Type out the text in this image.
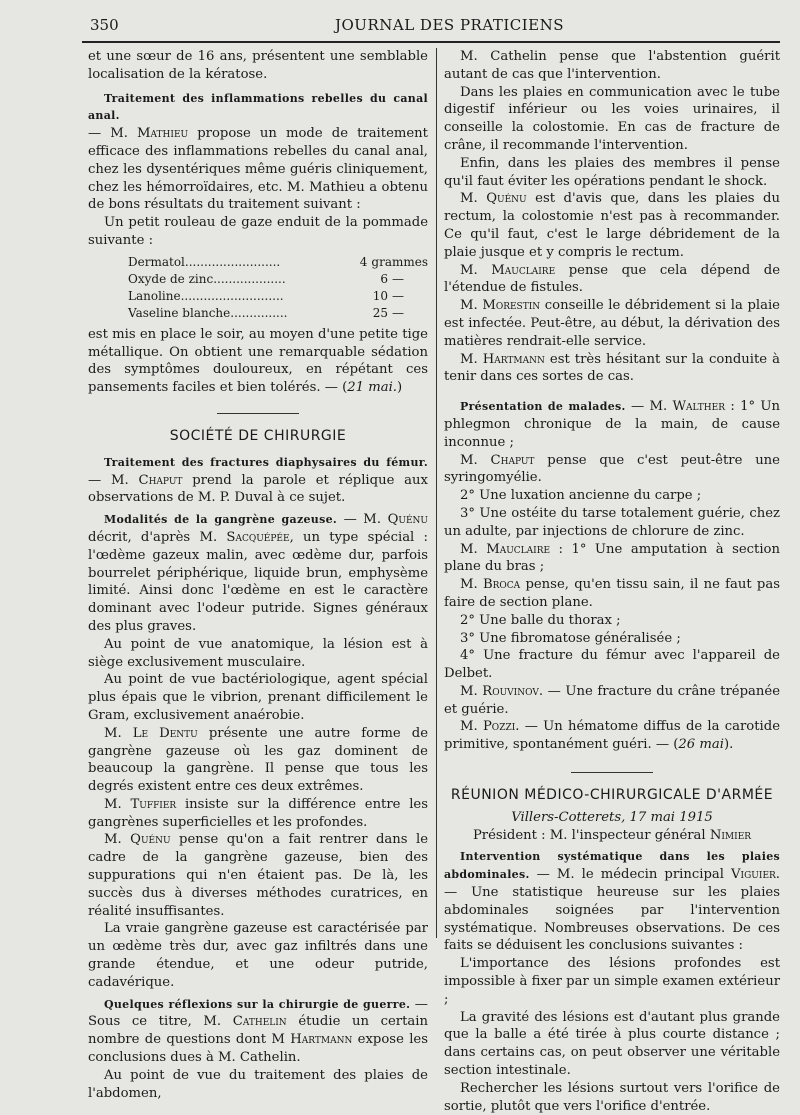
350	JOURNAL DES PRATICIENS

et une sœur de 16 ans, présentent une semblable localisation de la kératose.

Traitement des inflammations rebelles du canal anal.

— M. Mathieu propose un mode de traitement efficace des inflammations rebelles du canal anal, chez les dysentériques même guéris cliniquement, chez les hémorroïdaires, etc. M. Mathieu a obtenu de bons résultats du traitement suivant :

Un petit rouleau de gaze enduit de la pommade suivante :

Dermatol.........................	4 grammes
Oxyde de zinc...................	6 —
Lanoline...........................	10 —
Vaseline blanche...............	25 —

est mis en place le soir, au moyen d'une petite tige métallique. On obtient une remarquable sédation des symptômes douloureux, en répétant ces pansements faciles et bien tolérés. — (21 mai.)

SOCIÉTÉ DE CHIRURGIE

Traitement des fractures diaphysaires du fémur. — M. Chaput prend la parole et réplique aux observations de M. P. Duval à ce sujet.

Modalités de la gangrène gazeuse. — M. Quénu décrit, d'après M. Sacquépée, un type spécial : l'œdème gazeux malin, avec œdème dur, parfois bourrelet périphérique, liquide brun, emphysème limité. Ainsi donc l'œdème en est le caractère dominant avec l'odeur putride. Signes généraux des plus graves.

Au point de vue anatomique, la lésion est à siège exclusivement musculaire.

Au point de vue bactériologique, agent spécial plus épais que le vibrion, prenant difficilement le Gram, exclusivement anaérobie.

M. Le Dentu présente une autre forme de gangrène gazeuse où les gaz dominent de beaucoup la gangrène. Il pense que tous les degrés existent entre ces deux extrêmes.

M. Tuffier insiste sur la différence entre les gangrènes superficielles et les profondes.

M. Quénu pense qu'on a fait rentrer dans le cadre de la gangrène gazeuse, bien des suppurations qui n'en étaient pas. De là, les succès dus à diverses méthodes curatrices, en réalité insuffisantes.

La vraie gangrène gazeuse est caractérisée par un œdème très dur, avec gaz infiltrés dans une grande étendue, et une odeur putride, cadavérique.

Quelques réflexions sur la chirurgie de guerre. — Sous ce titre, M. Cathelin étudie un certain nombre de questions dont M Hartmann expose les conclusions dues à M. Cathelin.

Au point de vue du traitement des plaies de l'abdomen,

M. Cathelin pense que l'abstention guérit autant de cas que l'intervention.

Dans les plaies en communication avec le tube digestif inférieur ou les voies urinaires, il conseille la colostomie. En cas de fracture de crâne, il recommande l'intervention.

Enfin, dans les plaies des membres il pense qu'il faut éviter les opérations pendant le shock.

M. Quénu est d'avis que, dans les plaies du rectum, la colostomie n'est pas à recommander. Ce qu'il faut, c'est le large débridement de la plaie jusque et y compris le rectum.

M. Mauclaire pense que cela dépend de l'étendue de fistules.

M. Morestin conseille le débridement si la plaie est infectée. Peut-être, au début, la dérivation des matières rendrait-elle service.

M. Hartmann est très hésitant sur la conduite à tenir dans ces sortes de cas.

Présentation de malades. — M. Walther : 1° Un phlegmon chronique de la main, de cause inconnue ;

M. Chaput pense que c'est peut-être une syringomyélie.

2° Une luxation ancienne du carpe ;

3° Une ostéite du tarse totalement guérie, chez un adulte, par injections de chlorure de zinc.

M. Mauclaire : 1° Une amputation à section plane du bras ;

M. Broca pense, qu'en tissu sain, il ne faut pas faire de section plane.

2° Une balle du thorax ;

3° Une fibromatose généralisée ;

4° Une fracture du fémur avec l'appareil de Delbet.

M. Rouvinov. — Une fracture du crâne trépanée et guérie.

M. Pozzi. — Un hématome diffus de la carotide primitive, spontanément guéri. — (26 mai).

RÉUNION MÉDICO-CHIRURGICALE D'ARMÉE

Villers-Cotterets, 17 mai 1915

Président : M. l'inspecteur général Nimier

Intervention systématique dans les plaies abdominales. — M. le médecin principal Viguier. — Une statistique heureuse sur les plaies abdominales soignées par l'intervention systématique. Nombreuses observations. De ces faits se déduisent les conclusions suivantes :

L'importance des lésions profondes est impossible à fixer par un simple examen extérieur ;

La gravité des lésions est d'autant plus grande que la balle a été tirée à plus courte distance ; dans certains cas, on peut observer une véritable section intestinale.

Rechercher les lésions surtout vers l'orifice de sortie, plutôt que vers l'orifice d'entrée.
